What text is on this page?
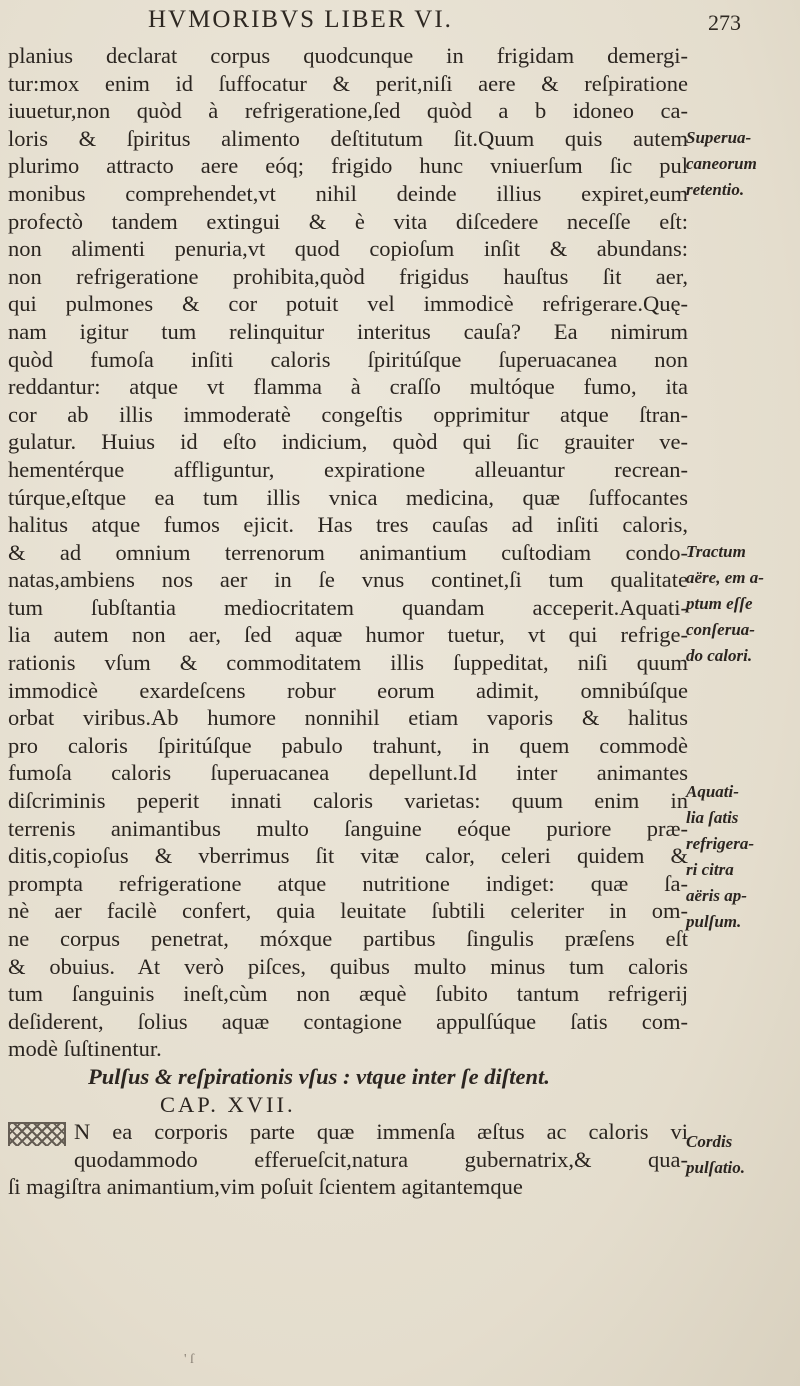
HVMORIBVS LIBER VI.	273
planius declarat corpus quodcunque in frigidam demergi-
tur:mox enim id ſuffocatur & perit,niſi aere & reſpiratione
iuuetur,non quòd à refrigeratione,ſed quòd a b idoneo ca-
loris & ſpiritus alimento deſtitutum ſit.Quum quis autem
plurimo attracto aere eóq; frigido hunc vniuerſum ſic pul
monibus comprehendet,vt nihil deinde illius expiret,eum
profectò tandem extingui & è vita diſcedere neceſſe eſt:
non alimenti penuria,vt quod copioſum inſit & abundans:
non refrigeratione prohibita,quòd frigidus hauſtus ſit aer,
qui pulmones & cor potuit vel immodicè refrigerare.Quę-
nam igitur tum relinquitur interitus cauſa? Ea nimirum
quòd fumoſa inſiti caloris ſpiritúſque ſuperuacanea non
reddantur: atque vt flamma à craſſo multóque fumo, ita
cor ab illis immoderatè congeſtis opprimitur atque ſtran-
gulatur. Huius id eſto indicium, quòd qui ſic grauiter ve-
hementérque affliguntur, expiratione alleuantur recrean-
túrque,eſtque ea tum illis vnica medicina, quæ ſuffocantes
halitus atque fumos ejicit. Has tres cauſas ad inſiti caloris,
& ad omnium terrenorum animantium cuſtodiam condo-
natas,ambiens nos aer in ſe vnus continet,ſi tum qualitate
tum ſubſtantia mediocritatem quandam acceperit.Aquati-
lia autem non aer, ſed aquæ humor tuetur, vt qui refrige-
rationis vſum & commoditatem illis ſuppeditat, niſi quum
immodicè exardeſcens robur eorum adimit, omnibúſque
orbat viribus.Ab humore nonnihil etiam vaporis & halitus
pro caloris ſpiritúſque pabulo trahunt, in quem commodè
fumoſa caloris ſuperuacanea depellunt.Id inter animantes
diſcriminis peperit innati caloris varietas: quum enim in
terrenis animantibus multo ſanguine eóque puriore præ-
ditis,copioſus & vberrimus ſit vitæ calor, celeri quidem &
prompta refrigeratione atque nutritione indiget: quæ ſa-
nè aer facilè confert, quia leuitate ſubtili celeriter in om-
ne corpus penetrat, móxque partibus ſingulis præſens eſt
& obuius. At verò piſces, quibus multo minus tum caloris
tum ſanguinis ineſt,cùm non æquè ſubito tantum refrigerij
deſiderent, ſolius aquæ contagione appulſúque ſatis com-
modè ſuſtinentur.
Pulſus & reſpirationis vſus : vtque inter ſe diſtent.
CAP. XVII.
N ea corporis parte quæ immenſa æſtus ac caloris vi
quodammodo efferueſcit,natura gubernatrix,& qua-
ſi magiſtra animantium,vim poſuit ſcientem agitantemque
Superua-
caneorum
retentio.
Tractum
aëre, em a-
ptum eſſe
conſerua-
do calori.
Aquati-
lia ſatis
refrigera-
ri citra
aëris ap-
pulſum.
Cordis
pulſatio.
' ſ
